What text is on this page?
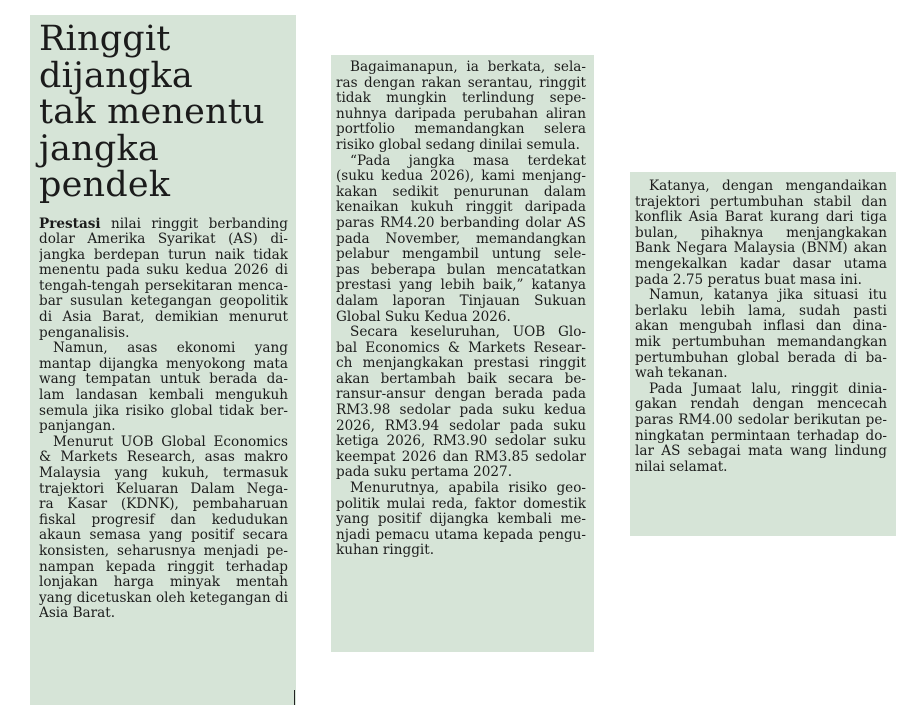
Ringgit
dijangka
tak menentu
jangka
pendek
Prestasi nilai ringgit berbanding
dolar Amerika Syarikat (AS) di-
jangka berdepan turun naik tidak
menentu pada suku kedua 2026 di
tengah-tengah persekitaran menca-
bar susulan ketegangan geopolitik
di Asia Barat, demikian menurut
penganalisis.
Namun, asas ekonomi yang
mantap dijangka menyokong mata
wang tempatan untuk berada da-
lam landasan kembali mengukuh
semula jika risiko global tidak ber-
panjangan.
Menurut UOB Global Economics
& Markets Research, asas makro
Malaysia yang kukuh, termasuk
trajektori Keluaran Dalam Nega-
ra Kasar (KDNK), pembaharuan
fiskal progresif dan kedudukan
akaun semasa yang positif secara
konsisten, seharusnya menjadi pe-
nampan kepada ringgit terhadap
lonjakan harga minyak mentah
yang dicetuskan oleh ketegangan di
Asia Barat.
Bagaimanapun, ia berkata, sela-
ras dengan rakan serantau, ringgit
tidak mungkin terlindung sepe-
nuhnya daripada perubahan aliran
portfolio memandangkan selera
risiko global sedang dinilai semula.
“Pada jangka masa terdekat
(suku kedua 2026), kami menjang-
kakan sedikit penurunan dalam
kenaikan kukuh ringgit daripada
paras RM4.20 berbanding dolar AS
pada November, memandangkan
pelabur mengambil untung sele-
pas beberapa bulan mencatatkan
prestasi yang lebih baik,” katanya
dalam laporan Tinjauan Sukuan
Global Suku Kedua 2026.
Secara keseluruhan, UOB Glo-
bal Economics & Markets Resear-
ch menjangkakan prestasi ringgit
akan bertambah baik secara be-
ransur-ansur dengan berada pada
RM3.98 sedolar pada suku kedua
2026, RM3.94 sedolar pada suku
ketiga 2026, RM3.90 sedolar suku
keempat 2026 dan RM3.85 sedolar
pada suku pertama 2027.
Menurutnya, apabila risiko geo-
politik mulai reda, faktor domestik
yang positif dijangka kembali me-
njadi pemacu utama kepada pengu-
kuhan ringgit.
Katanya, dengan mengandaikan
trajektori pertumbuhan stabil dan
konflik Asia Barat kurang dari tiga
bulan, pihaknya menjangkakan
Bank Negara Malaysia (BNM) akan
mengekalkan kadar dasar utama
pada 2.75 peratus buat masa ini.
Namun, katanya jika situasi itu
berlaku lebih lama, sudah pasti
akan mengubah inflasi dan dina-
mik pertumbuhan memandangkan
pertumbuhan global berada di ba-
wah tekanan.
Pada Jumaat lalu, ringgit dinia-
gakan rendah dengan mencecah
paras RM4.00 sedolar berikutan pe-
ningkatan permintaan terhadap do-
lar AS sebagai mata wang lindung
nilai selamat.
